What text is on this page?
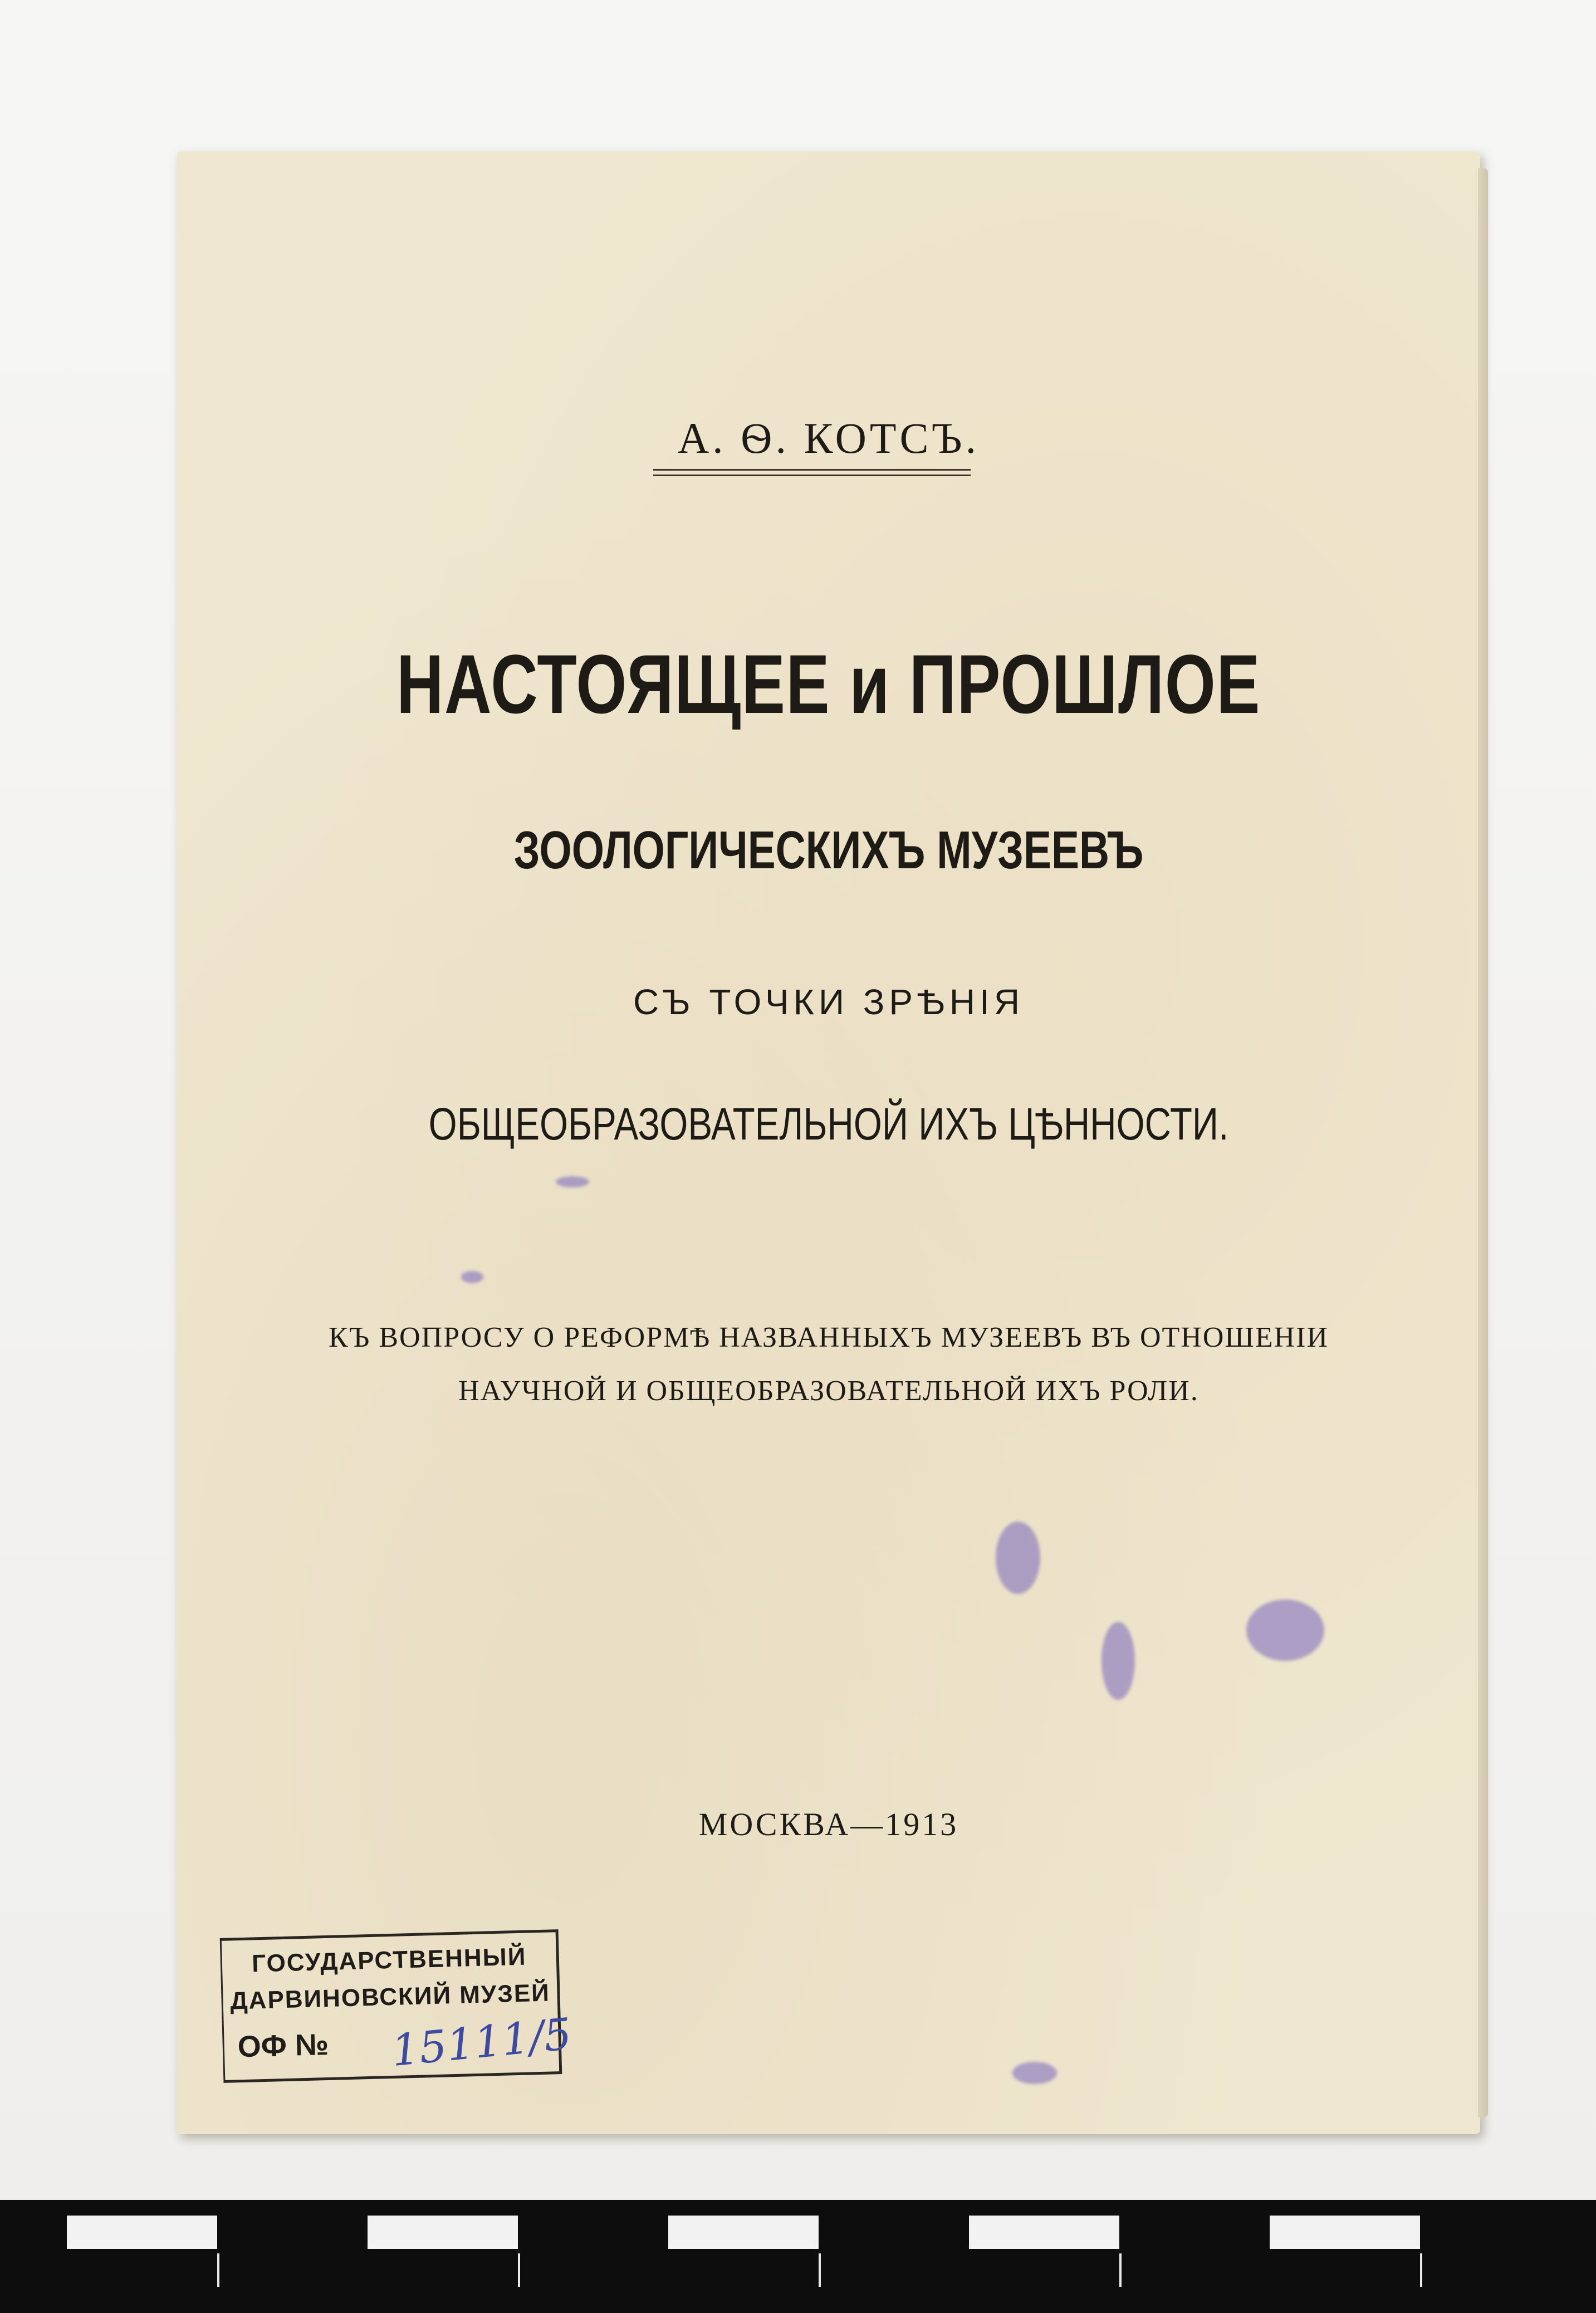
А. Ѳ. КОТСЪ.
НАСТОЯЩЕЕ и ПРОШЛОЕ
ЗООЛОГИЧЕСКИХЪ МУЗЕЕВЪ
СЪ ТОЧКИ ЗРѢНІЯ
ОБЩЕОБРАЗОВАТЕЛЬНОЙ ИХЪ ЦѢННОСТИ.
КЪ ВОПРОСУ О РЕФОРМѢ НАЗВАННЫХЪ МУЗЕЕВЪ ВЪ ОТНОШЕНІИ
НАУЧНОЙ И ОБЩЕОБРАЗОВАТЕЛЬНОЙ ИХЪ РОЛИ.
МОСКВА—1913
ГОСУДАРСТВЕННЫЙ
ДАРВИНОВСКИЙ МУЗЕЙ
ОФ №	15111/5
